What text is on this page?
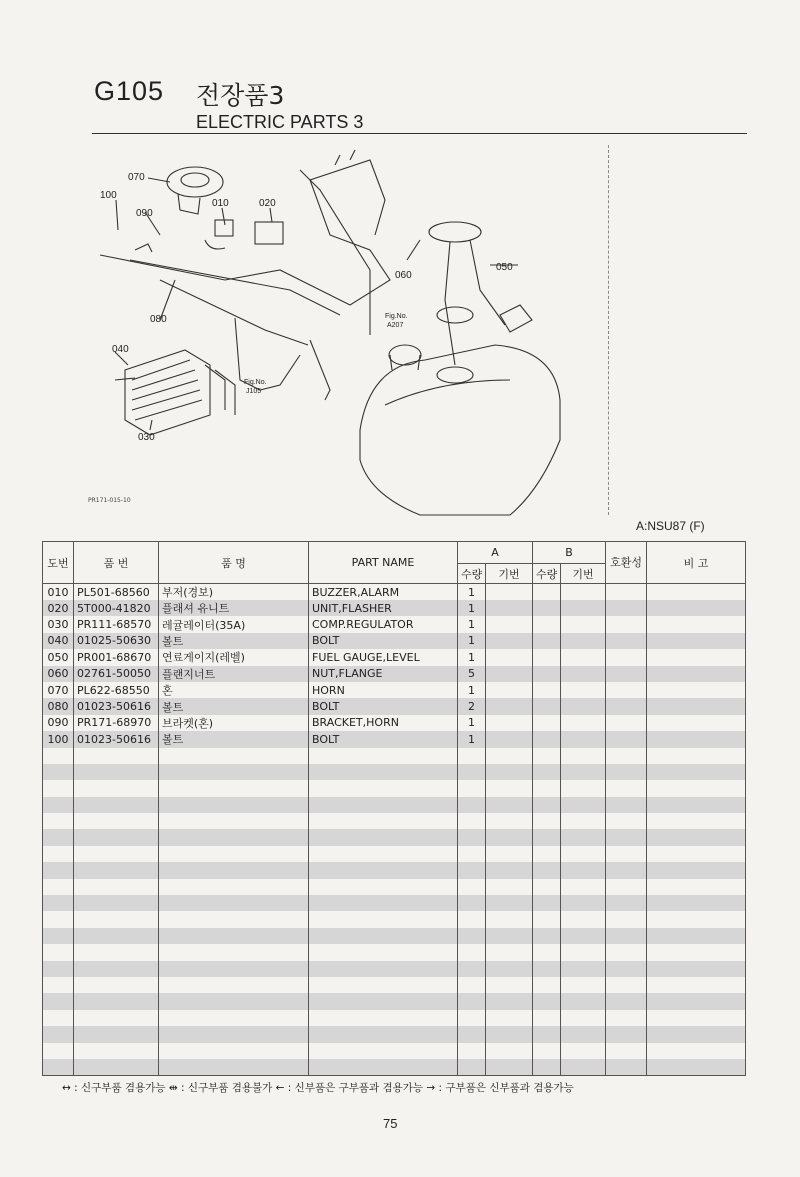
G105 전장품3
ELECTRIC PARTS 3
070
100
090
010	020
060
050
080
040
030
Fig.No.
A207
Fig.No.
J105
PR171-015-10
A:NSU87 (F)
도번	품 번	품 명	PART NAME	A		B		호환성	비 고
				수량	기번	수량	기번		
010	PL501-68560	부저(경보)	BUZZER,ALARM	1					
020	5T000-41820	플래셔 유니트	UNIT,FLASHER	1					
030	PR111-68570	레귤레이터(35A)	COMP.REGULATOR	1					
040	01025-50630	볼트	BOLT	1					
050	PR001-68670	연료게이지(레벨)	FUEL GAUGE,LEVEL	1					
060	02761-50050	플랜지너트	NUT,FLANGE	5					
070	PL622-68550	혼	HORN	1					
080	01023-50616	볼트	BOLT	2					
090	PR171-68970	브라켓(혼)	BRACKET,HORN	1					
100	01023-50616	볼트	BOLT	1					

↔ : 신구부품 겸용가능 ⇹ : 신구부품 겸용불가 ← : 신부품은 구부품과 겸용가능 → : 구부품은 신부품과 겸용가능
75
